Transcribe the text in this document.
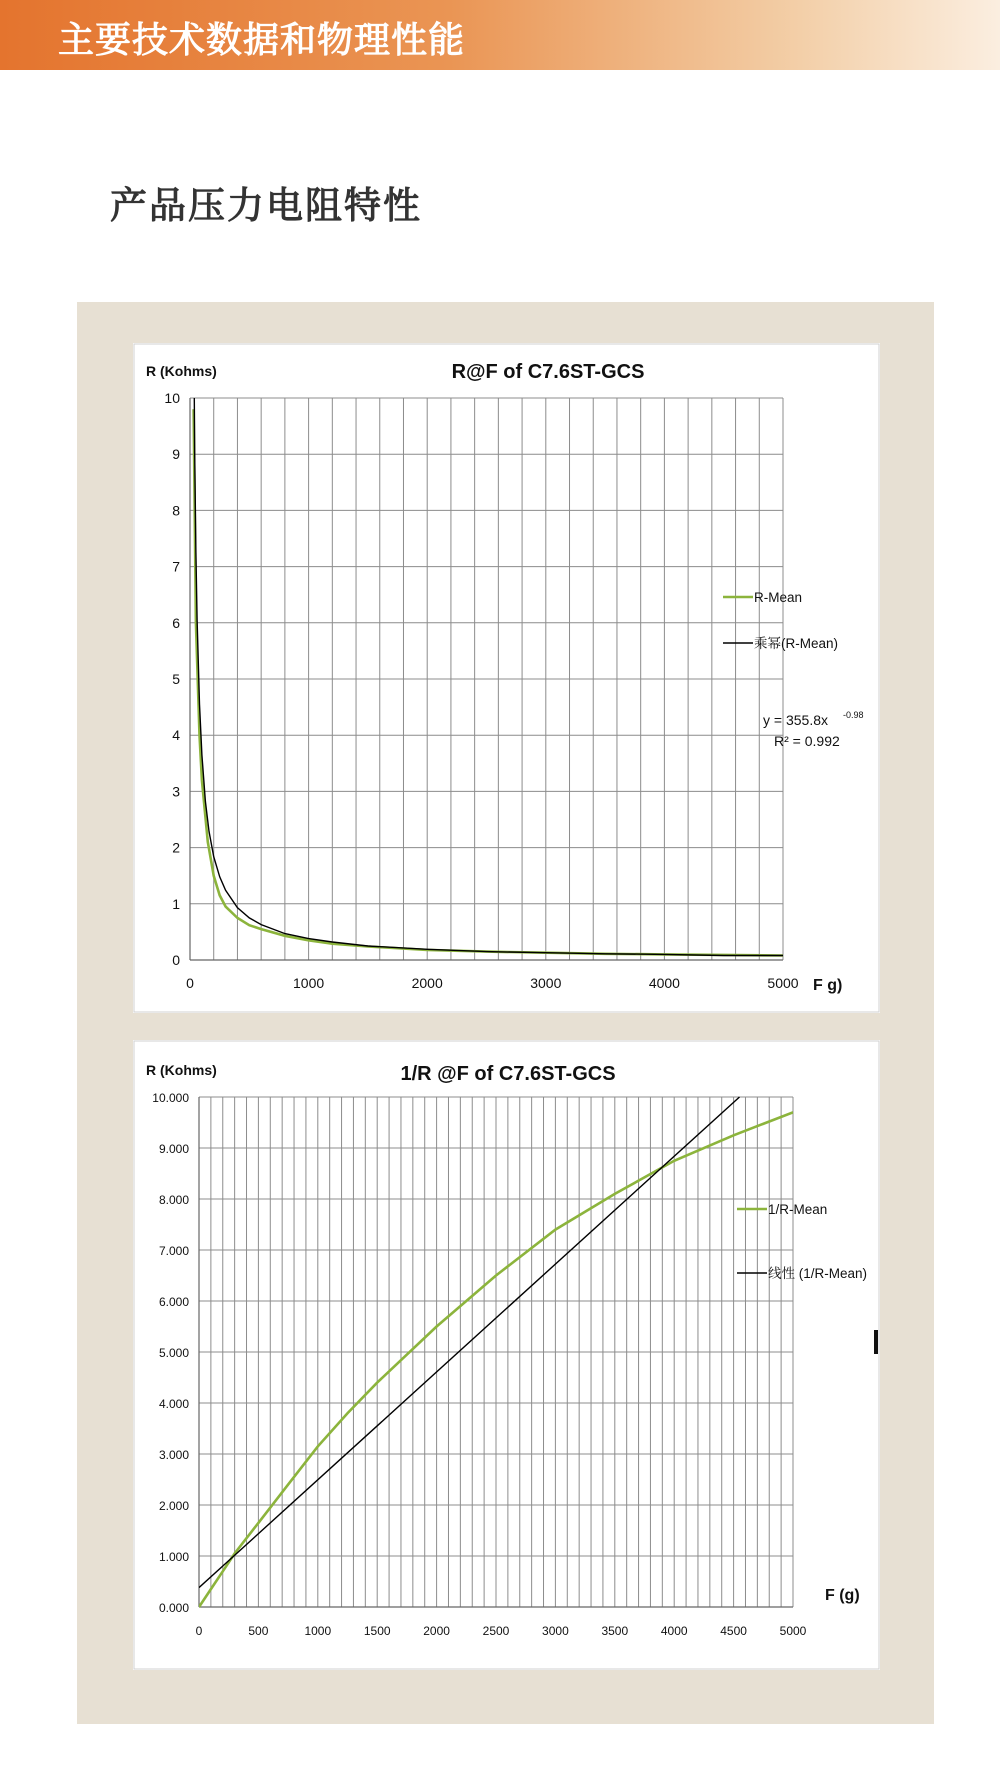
主要技术数据和物理性能
产品压力电阻特性
0
1
2
3
4
5
6
7
8
9
10
0	1000	2000	3000	4000	5000
R@F of C7.6ST-GCS
R (Kohms)
F g)
R-Mean
乘幂(R-Mean)
y = 355.8x -0.98
R² = 0.992
0.000
1.000
2.000
3.000
4.000
5.000
6.000
7.000
8.000
9.000
10.000
0	500	1000	1500	2000	2500	3000	3500	4000	4500	5000
1/R @F of C7.6ST-GCS
R (Kohms)
F (g)
1/R-Mean
线性 (1/R-Mean)
